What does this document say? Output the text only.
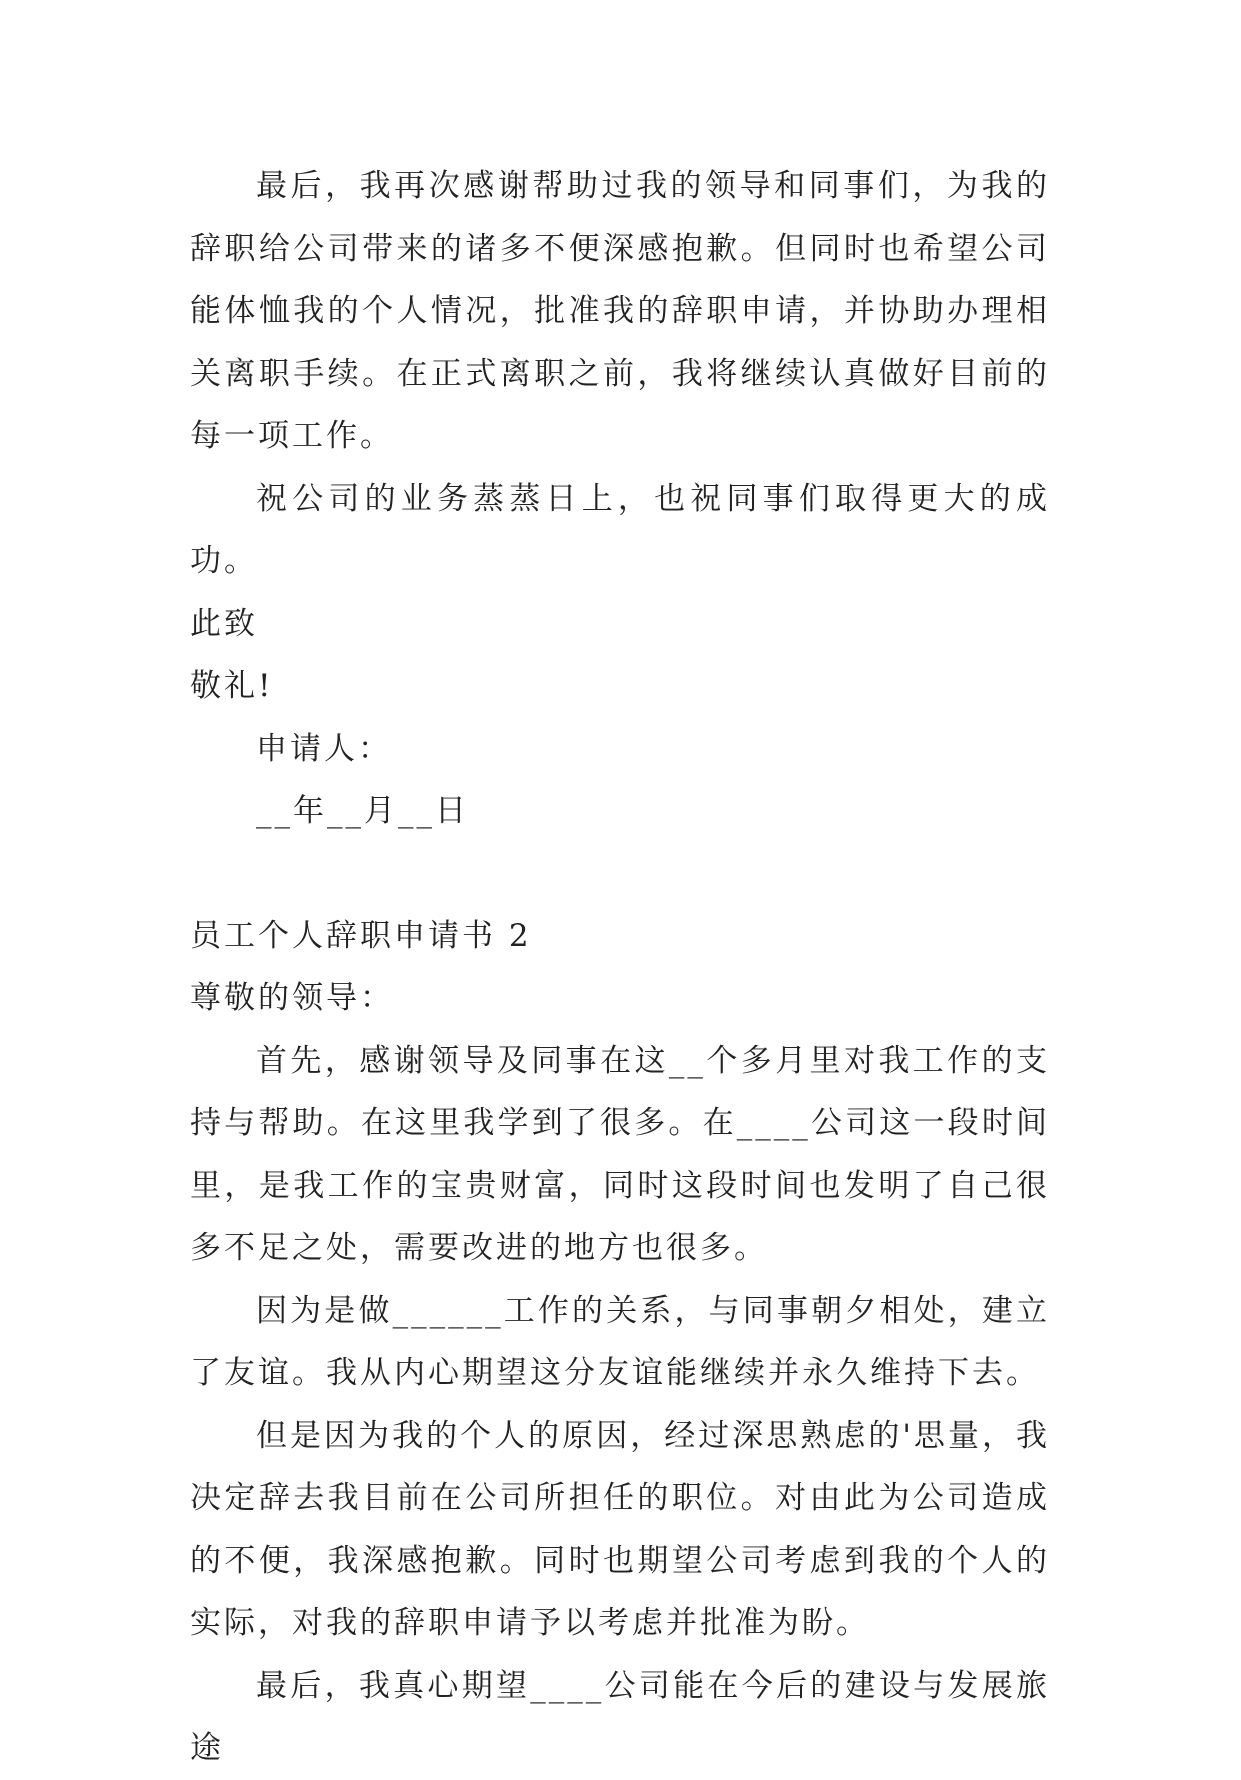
最后，我再次感谢帮助过我的领导和同事们，为我的辞职给公司带来的诸多不便深感抱歉。但同时也希望公司能体恤我的个人情况，批准我的辞职申请，并协助办理相关离职手续。在正式离职之前，我将继续认真做好目前的每一项工作。

祝公司的业务蒸蒸日上，也祝同事们取得更大的成功。

此致

敬礼!

申请人：

__年__月__日

员工个人辞职申请书 2

尊敬的领导：

首先，感谢领导及同事在这__个多月里对我工作的支持与帮助。在这里我学到了很多。在____公司这一段时间里，是我工作的宝贵财富，同时这段时间也发明了自己很多不足之处，需要改进的地方也很多。

因为是做______工作的关系，与同事朝夕相处，建立了友谊。我从内心期望这分友谊能继续并永久维持下去。

但是因为我的个人的原因，经过深思熟虑的'思量，我决定辞去我目前在公司所担任的职位。对由此为公司造成的不便，我深感抱歉。同时也期望公司考虑到我的个人的实际，对我的辞职申请予以考虑并批准为盼。

最后，我真心期望____公司能在今后的建设与发展旅途
